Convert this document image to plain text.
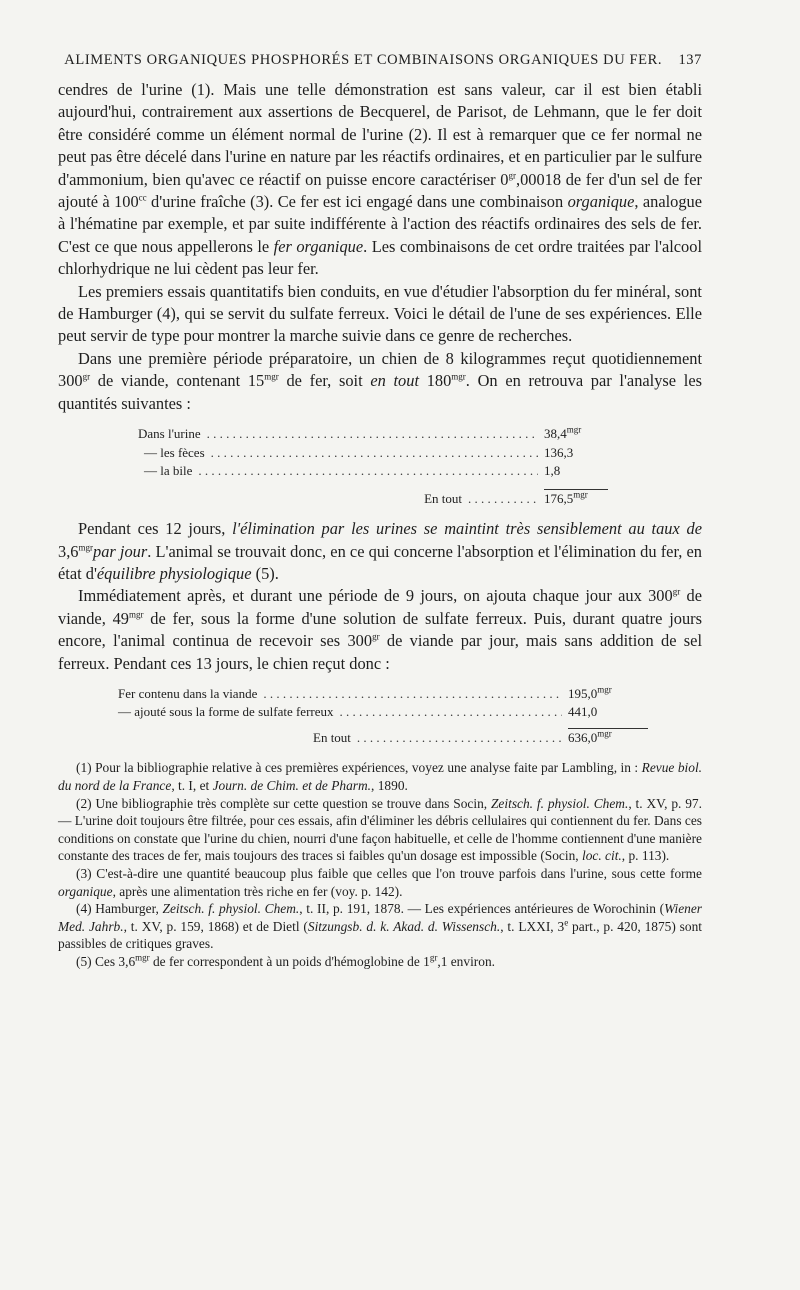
ALIMENTS ORGANIQUES PHOSPHORÉS ET COMBINAISONS ORGANIQUES DU FER.	137

cendres de l'urine (1). Mais une telle démonstration est sans valeur, car il est bien établi aujourd'hui, contrairement aux assertions de Becquerel, de Parisot, de Lehmann, que le fer doit être considéré comme un élément normal de l'urine (2). Il est à remarquer que ce fer normal ne peut pas être décelé dans l'urine en nature par les réactifs ordinaires, et en particulier par le sulfure d'ammonium, bien qu'avec ce réactif on puisse encore caractériser $0^{gr},00018$ de fer d'un sel de fer ajouté à $100^{cc}$ d'urine fraîche (3). Ce fer est ici engagé dans une combinaison organique, analogue à l'hématine par exemple, et par suite indifférente à l'action des réactifs ordinaires des sels de fer. C'est ce que nous appellerons le fer organique. Les combinaisons de cet ordre traitées par l'alcool chlorhydrique ne lui cèdent pas leur fer.

Les premiers essais quantitatifs bien conduits, en vue d'étudier l'absorption du fer minéral, sont de Hamburger (4), qui se servit du sulfate ferreux. Voici le détail de l'une de ses expériences. Elle peut servir de type pour montrer la marche suivie dans ce genre de recherches.

Dans une première période préparatoire, un chien de 8 kilogrammes reçut quotidiennement $300^{gr}$ de viande, contenant $15^{mgr}$ de fer, soit en tout $180^{mgr}$. On en retrouva par l'analyse les quantités suivantes :

Dans l'urine . . .	$38,4^{mgr}$
— les fèces . . .	136,3
— la bile . . .	1,8
En tout . . .	$176,5^{mgr}$

Pendant ces 12 jours, l'élimination par les urines se maintint très sensiblement au taux de $3,6^{mgr}par$ jour. L'animal se trouvait donc, en ce qui concerne l'absorption et l'élimination du fer, en état d'équilibre physiologique (5).

Immédiatement après, et durant une période de 9 jours, on ajouta chaque jour aux $300^{gr}$ de viande, $49^{mgr}$ de fer, sous la forme d'une solution de sulfate ferreux. Puis, durant quatre jours encore, l'animal continua de recevoir ses $300^{gr}$ de viande par jour, mais sans addition de sel ferreux. Pendant ces 13 jours, le chien reçut donc :

Fer contenu dans la viande . . .	$195,0^{mgr}$
— ajouté sous la forme de sulfate ferreux . . .	441,0
En tout . . .	$636,0^{mgr}$

(1) Pour la bibliographie relative à ces premières expériences, voyez une analyse faite par Lambling, in : Revue biol. du nord de la France, t. I, et Journ. de Chim. et de Pharm., 1890.

(2) Une bibliographie très complète sur cette question se trouve dans Socin, Zeitsch. f. physiol. Chem., t. XV, p. 97. — L'urine doit toujours être filtrée, pour ces essais, afin d'éliminer les débris cellulaires qui contiennent du fer. Dans ces conditions on constate que l'urine du chien, nourri d'une façon habituelle, et celle de l'homme contiennent d'une manière constante des traces de fer, mais toujours des traces si faibles qu'un dosage est impossible (Socin, loc. cit., p. 113).

(3) C'est-à-dire une quantité beaucoup plus faible que celles que l'on trouve parfois dans l'urine, sous cette forme organique, après une alimentation très riche en fer (voy. p. 142).

(4) Hamburger, Zeitsch. f. physiol. Chem., t. II, p. 191, 1878. — Les expériences antérieures de Worochinin (Wiener Med. Jahrb., t. XV, p. 159, 1868) et de Dietl (Sitzungsb. d. k. Akad. d. Wissensch., t. LXXI, 3e part., p. 420, 1875) sont passibles de critiques graves.

(5) Ces $3,6^{mgr}$ de fer correspondent à un poids d'hémoglobine de $1^{gr},1$ environ.
